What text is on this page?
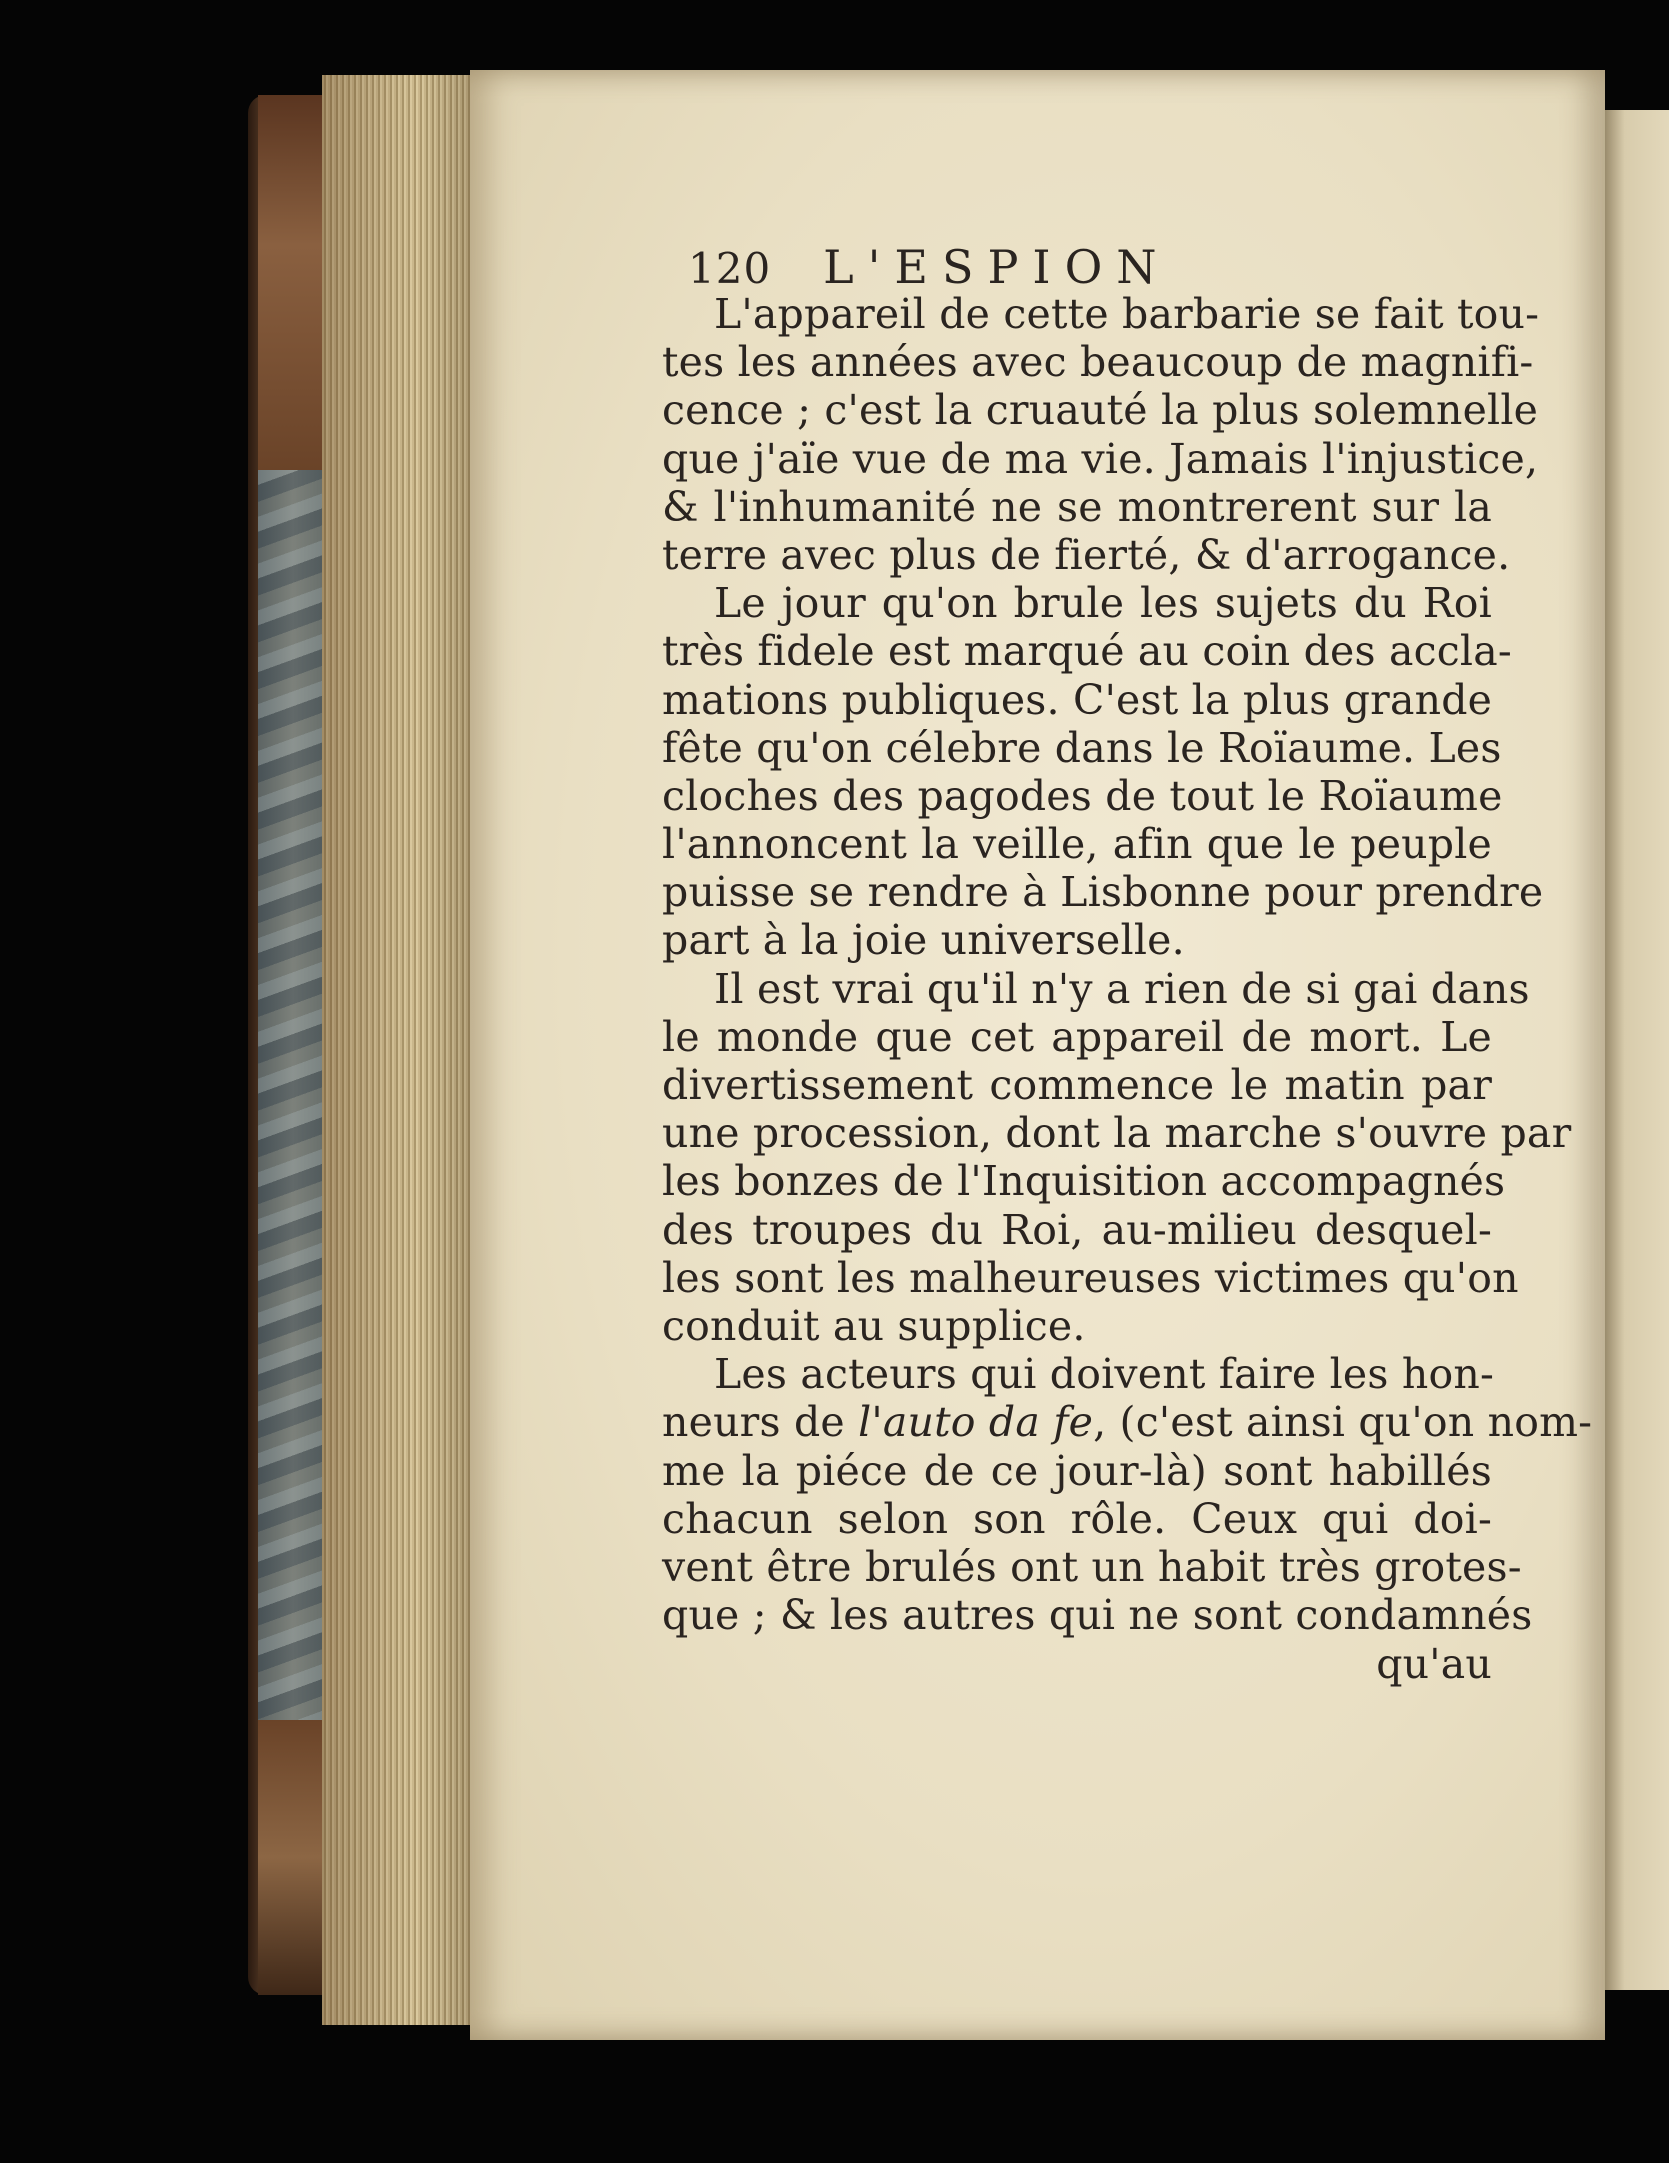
120 L'ESPION
L'appareil de cette barbarie se fait tou-
tes les années avec beaucoup de magnifi-
cence ; c'est la cruauté la plus solemnelle
que j'aïe vue de ma vie. Jamais l'injustice,
& l'inhumanité ne se montrerent sur la
terre avec plus de fierté, & d'arrogance.
Le jour qu'on brule les sujets du Roi
très fidele est marqué au coin des accla-
mations publiques. C'est la plus grande
fête qu'on célebre dans le Roïaume. Les
cloches des pagodes de tout le Roïaume
l'annoncent la veille, afin que le peuple
puisse se rendre à Lisbonne pour prendre
part à la joie universelle.
Il est vrai qu'il n'y a rien de si gai dans
le monde que cet appareil de mort. Le
divertissement commence le matin par
une procession, dont la marche s'ouvre par
les bonzes de l'Inquisition accompagnés
des troupes du Roi, au-milieu desquel-
les sont les malheureuses victimes qu'on
conduit au supplice.
Les acteurs qui doivent faire les hon-
neurs de l'auto da fe, (c'est ainsi qu'on nom-
me la piéce de ce jour-là) sont habillés
chacun selon son rôle. Ceux qui doi-
vent être brulés ont un habit très grotes-
que ; & les autres qui ne sont condamnés
qu'au
